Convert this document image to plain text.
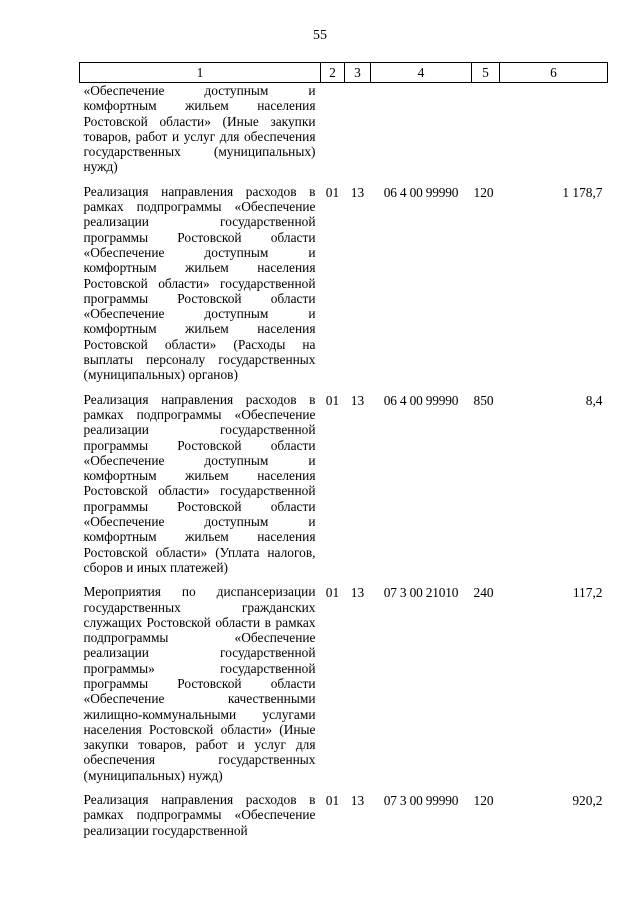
55
1	2	3	4	5	6
«Обеспечение доступным и комфортным жильем населения Ростовской области» (Иные закупки товаров, работ и услуг для обеспечения государственных (муниципальных) нужд)					
Реализация направления расходов в рамках подпрограммы «Обеспечение реализации государственной программы Ростовской области «Обеспечение доступным и комфортным жильем населения Ростовской области» государственной программы Ростовской области «Обеспечение доступным и комфортным жильем населения Ростовской области» (Расходы на выплаты персоналу государственных (муниципальных) органов)	01	13	06 4 00 99990	120	1 178,7
Реализация направления расходов в рамках подпрограммы «Обеспечение реализации государственной программы Ростовской области «Обеспечение доступным и комфортным жильем населения Ростовской области» государственной программы Ростовской области «Обеспечение доступным и комфортным жильем населения Ростовской области» (Уплата налогов, сборов и иных платежей)	01	13	06 4 00 99990	850	8,4
Мероприятия по диспансеризации государственных гражданских служащих Ростовской области в рамках подпрограммы «Обеспечение реализации государственной программы» государственной программы Ростовской области «Обеспечение качественными жилищно-коммунальными услугами населения Ростовской области» (Иные закупки товаров, работ и услуг для обеспечения государственных (муниципальных) нужд)	01	13	07 3 00 21010	240	117,2
Реализация направления расходов в рамках подпрограммы «Обеспечение реализации государственной	01	13	07 3 00 99990	120	920,2
